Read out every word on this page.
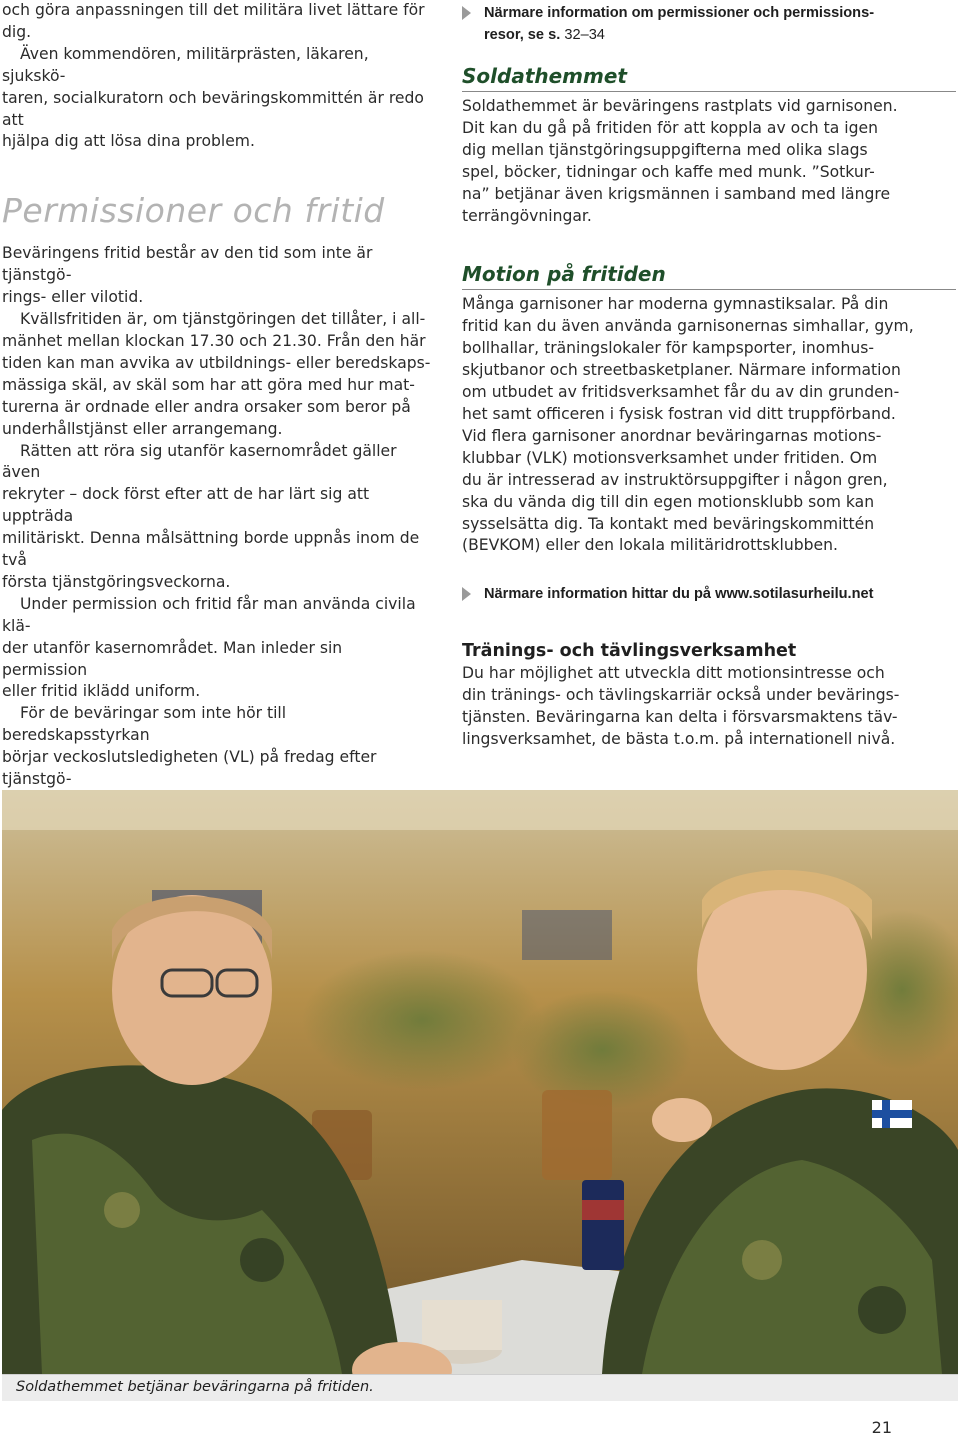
och göra anpassningen till det militära livet lättare för dig.

Även kommendören, militärprästen, läkaren, sjukskö-

taren, socialkuratorn och beväringskommittén är redo att

hjälpa dig att lösa dina problem.

Permissioner och fritid

Beväringens fritid består av den tid som inte är tjänstgö-

rings- eller vilotid.

Kvällsfritiden är, om tjänstgöringen det tillåter, i all-

mänhet mellan klockan 17.30 och 21.30. Från den här

tiden kan man avvika av utbildnings- eller beredskaps-

mässiga skäl, av skäl som har att göra med hur mat-

turerna är ordnade eller andra orsaker som beror på

underhållstjänst eller arrangemang.

Rätten att röra sig utanför kasernområdet gäller även

rekryter – dock först efter att de har lärt sig att uppträda

militäriskt. Denna målsättning borde uppnås inom de två

första tjänstgöringsveckorna.

Under permission och fritid får man använda civila klä-

der utanför kasernområdet. Man inleder sin permission

eller fritid iklädd uniform.

För de beväringar som inte hör till beredskapsstyrkan

börjar veckoslutsledigheten (VL) på fredag efter tjänstgö-

Närmare information om permissioner och permissions-
resor, se s. 32–34
Soldathemmet

Soldathemmet är beväringens rastplats vid garnisonen.

Dit kan du gå på fritiden för att koppla av och ta igen

dig mellan tjänstgöringsuppgifterna med olika slags

spel, böcker, tidningar och kaffe med munk. ”Sotkur-

na” betjänar även krigsmännen i samband med längre

terrängövningar.

Motion på fritiden

Många garnisoner har moderna gymnastiksalar. På din

fritid kan du även använda garnisonernas simhallar, gym,

bollhallar, träningslokaler för kampsporter, inomhus-

skjutbanor och streetbasketplaner. Närmare information

om utbudet av fritidsverksamhet får du av din grunden-

het samt officeren i fysisk fostran vid ditt truppförband.

Vid flera garnisoner anordnar beväringarnas motions-

klubbar (VLK) motionsverksamhet under fritiden. Om

du är intresserad av instruktörsuppgifter i någon gren,

ska du vända dig till din egen motionsklubb som kan

sysselsätta dig. Ta kontakt med beväringskommittén

(BEVKOM) eller den lokala militäridrottsklubben.

Närmare information hittar du på www.sotilasurheilu.net
Tränings- och tävlingsverksamhet

Du har möjlighet att utveckla ditt motionsintresse och

din tränings- och tävlingskarriär också under bevärings-

tjänsten. Beväringarna kan delta i försvarsmaktens täv-

lingsverksamhet, de bästa t.o.m. på internationell nivå.

Soldathemmet betjänar beväringarna på fritiden.
21
